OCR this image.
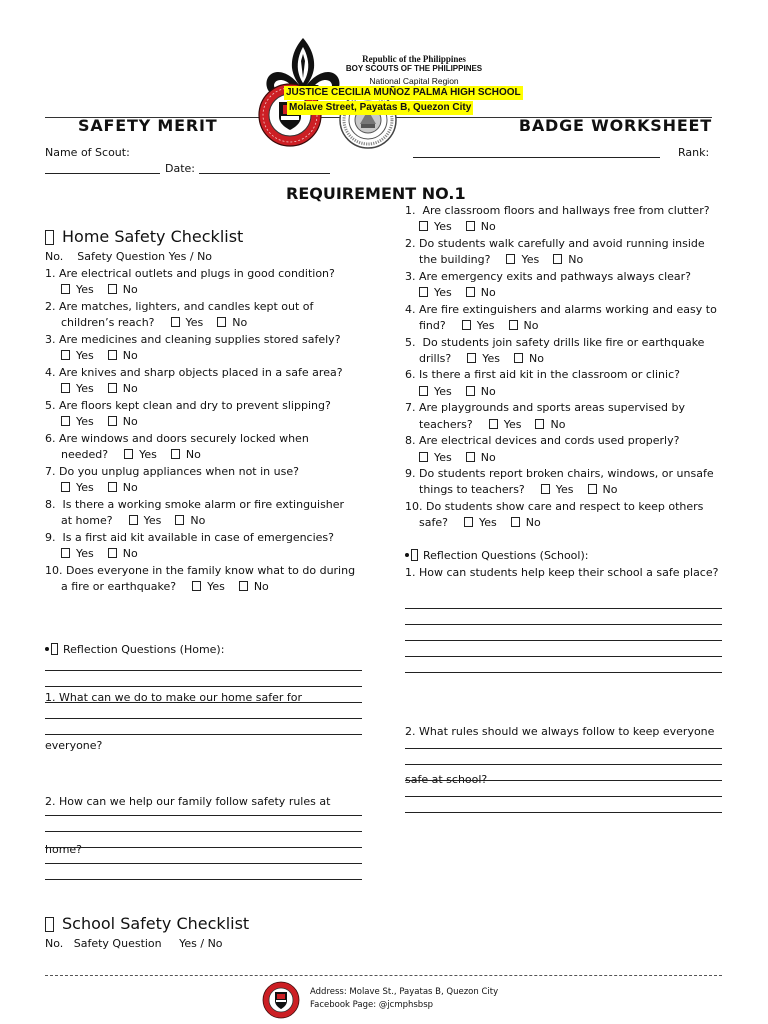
Republic of the Philippines
BOY SCOUTS OF THE PHILIPPINES
National Capital Region
JUSTICE CECILIA MUÑOZ PALMA HIGH SCHOOL
Molave Street, Payatas B, Quezon City
SAFETY MERIT	BADGE WORKSHEET
Name of Scout:	Rank:
Date:
REQUIREMENT NO.1
Home Safety Checklist
No.    Safety Question Yes / No
1. Are electrical outlets and plugs in good condition?
Yes	No
2. Are matches, lighters, and candles kept out of
children’s reach?	Yes	No
3. Are medicines and cleaning supplies stored safely?
Yes	No
4. Are knives and sharp objects placed in a safe area?
Yes	No
5. Are floors kept clean and dry to prevent slipping?
Yes	No
6. Are windows and doors securely locked when
needed?	Yes	No
7. Do you unplug appliances when not in use?
Yes	No
8.  Is there a working smoke alarm or fire extinguisher
at home?	Yes	No
9.  Is a first aid kit available in case of emergencies?
Yes	No
10. Does everyone in the family know what to do during
a fire or earthquake?	Yes	No
1.  Are classroom floors and hallways free from clutter?
Yes	No
2. Do students walk carefully and avoid running inside
the building?	Yes	No
3. Are emergency exits and pathways always clear?
Yes	No
4. Are fire extinguishers and alarms working and easy to
find?	Yes	No
5.  Do students join safety drills like fire or earthquake
drills?	Yes	No
6. Is there a first aid kit in the classroom or clinic?
Yes	No
7. Are playgrounds and sports areas supervised by
teachers?	Yes	No
8. Are electrical devices and cords used properly?
Yes	No
9. Do students report broken chairs, windows, or unsafe
things to teachers?	Yes	No
10. Do students show care and respect to keep others
safe?	Yes	No

Reflection Questions (Home):

1. What can we do to make our home safer for

everyone?

2. How can we help our family follow safety rules at

home?

Reflection Questions (School):
1. How can students help keep their school a safe place?

2. What rules should we always follow to keep everyone

safe at school?

School Safety Checklist
No.   Safety Question     Yes / No
Address: Molave St., Payatas B, Quezon City
Facebook Page: @jcmphsbsp
